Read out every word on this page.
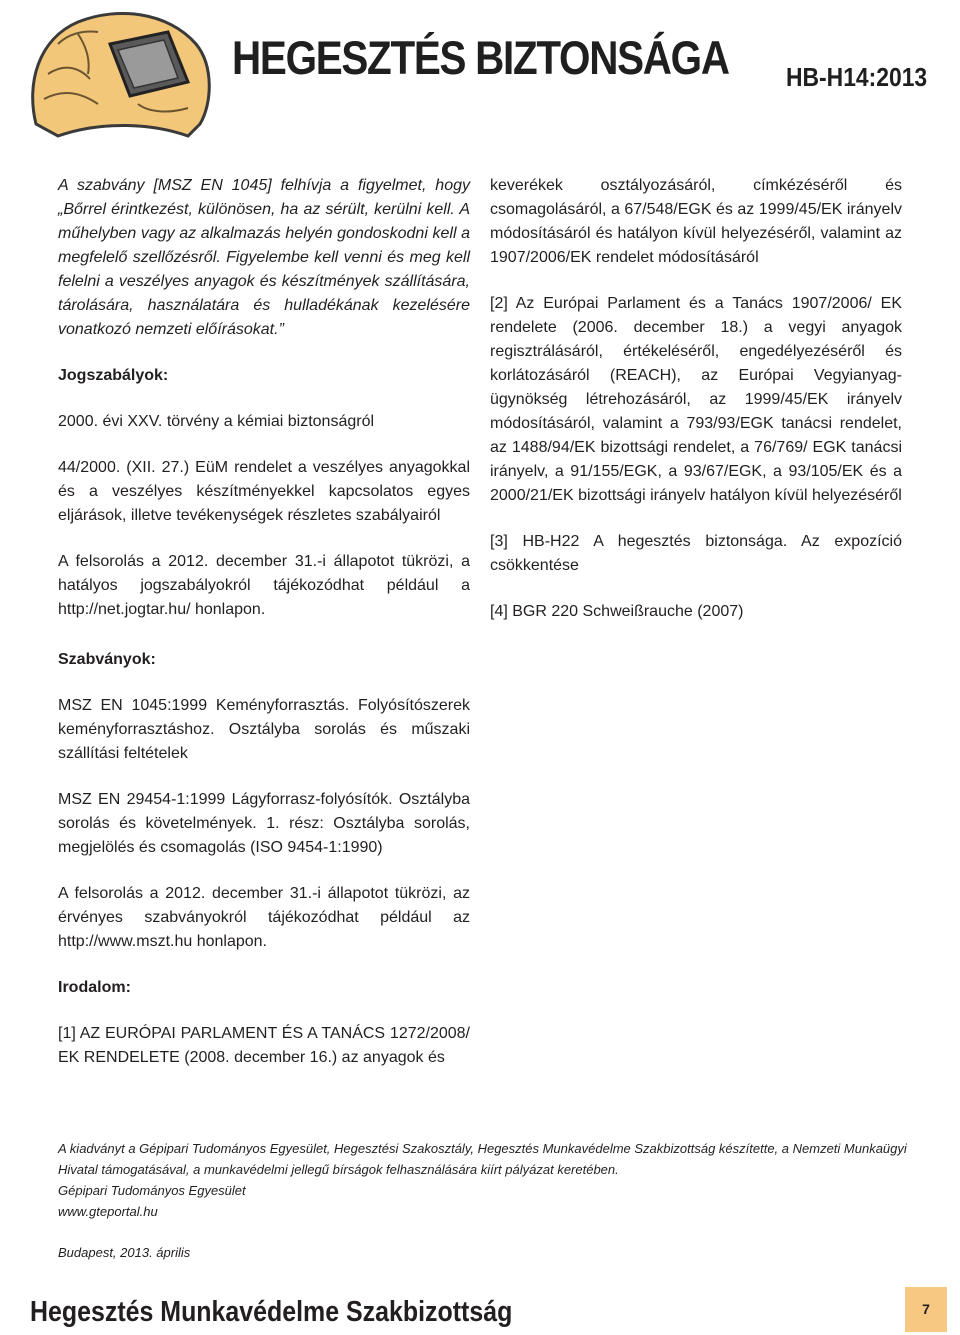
HEGESZTÉS BIZTONSÁGA HB-H14:2013

A szabvány [MSZ EN 1045] felhívja a figyelmet, hogy „Bőrrel érintkezést, különösen, ha az sérült, kerülni kell. A műhelyben vagy az alkalmazás helyén gondoskodni kell a megfelelő szellőzésről. Figyelembe kell venni és meg kell felelni a veszélyes anyagok és készítmények szállítására, tárolására, használatára és hulladékának kezelésére vonatkozó nemzeti előírásokat.”

Jogszabályok:

2000. évi XXV. törvény a kémiai biztonságról

44/2000. (XII. 27.) EüM rendelet a veszélyes anyagokkal és a veszélyes készítményekkel kapcsolatos egyes eljárások, illetve tevékenységek részletes szabályairól

A felsorolás a 2012. december 31.-i állapotot tükrözi, a hatályos jogszabályokról tájékozódhat például a http://net.jogtar.hu/ honlapon.

Szabványok:

MSZ EN 1045:1999 Keményforrasztás. Folyósítószerek keményforrasztáshoz. Osztályba sorolás és műszaki szállítási feltételek

MSZ EN 29454-1:1999 Lágyforrasz-folyósítók. Osztályba sorolás és követelmények. 1. rész: Osztályba sorolás, megjelölés és csomagolás (ISO 9454-1:1990)

A felsorolás a 2012. december 31.-i állapotot tükrözi, az érvényes szabványokról tájékozódhat például az http://www.mszt.hu honlapon.

Irodalom:

[1] AZ EURÓPAI PARLAMENT ÉS A TANÁCS 1272/2008/ EK RENDELETE (2008. december 16.) az anyagok és

keverékek osztályozásáról, címkézéséről és csomagolásáról, a 67/548/EGK és az 1999/45/EK irányelv módosításáról és hatályon kívül helyezéséről, valamint az 1907/2006/EK rendelet módosításáról

[2] Az Európai Parlament és a Tanács 1907/2006/ EK rendelete (2006. december 18.) a vegyi anyagok regisztrálásáról, értékeléséről, engedélyezéséről és korlátozásáról (REACH), az Európai Vegyianyag-ügynökség létrehozásáról, az 1999/45/EK irányelv módosításáról, valamint a 793/93/EGK tanácsi rendelet, az 1488/94/EK bizottsági rendelet, a 76/769/ EGK tanácsi irányelv, a 91/155/EGK, a 93/67/EGK, a 93/105/EK és a 2000/21/EK bizottsági irányelv hatályon kívül helyezéséről

[3] HB-H22 A hegesztés biztonsága. Az expozíció csökkentése

[4] BGR 220 Schweißrauche (2007)

A kiadványt a Gépipari Tudományos Egyesület, Hegesztési Szakosztály, Hegesztés Munkavédelme Szakbizottság készítette, a Nemzeti Munkaügyi Hivatal támogatásával, a munkavédelmi jellegű bírságok felhasználására kiírt pályázat keretében.

Gépipari Tudományos Egyesület

www.gteportal.hu

Budapest, 2013. április

Hegesztés Munkavédelme Szakbizottság	7
